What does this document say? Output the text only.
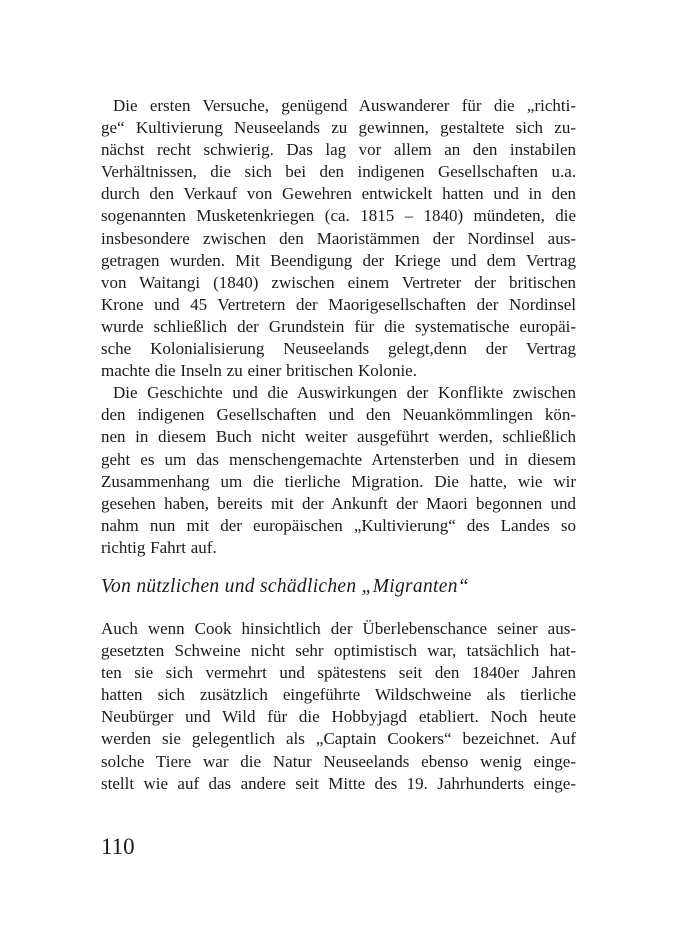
Die ersten Versuche, genügend Auswanderer für die „richti-
ge“ Kultivierung Neuseelands zu gewinnen, gestaltete sich zu-
nächst recht schwierig. Das lag vor allem an den instabilen
Verhältnissen, die sich bei den indigenen Gesellschaften u.a.
durch den Verkauf von Gewehren entwickelt hatten und in den
sogenannten Musketenkriegen (ca. 1815 – 1840) mündeten, die
insbesondere zwischen den Maoristämmen der Nordinsel aus-
getragen wurden. Mit Beendigung der Kriege und dem Vertrag
von Waitangi (1840) zwischen einem Vertreter der britischen
Krone und 45 Vertretern der Maorigesellschaften der Nordinsel
wurde schließlich der Grundstein für die systematische europäi-
sche Kolonialisierung Neuseelands gelegt,denn der Vertrag
machte die Inseln zu einer britischen Kolonie.
Die Geschichte und die Auswirkungen der Konflikte zwischen
den indigenen Gesellschaften und den Neuankömmlingen kön-
nen in diesem Buch nicht weiter ausgeführt werden, schließlich
geht es um das menschengemachte Artensterben und in diesem
Zusammenhang um die tierliche Migration. Die hatte, wie wir
gesehen haben, bereits mit der Ankunft der Maori begonnen und
nahm nun mit der europäischen „Kultivierung“ des Landes so
richtig Fahrt auf.
Von nützlichen und schädlichen „Migranten“
Auch wenn Cook hinsichtlich der Überlebenschance seiner aus-
gesetzten Schweine nicht sehr optimistisch war, tatsächlich hat-
ten sie sich vermehrt und spätestens seit den 1840er Jahren
hatten sich zusätzlich eingeführte Wildschweine als tierliche
Neubürger und Wild für die Hobbyjagd etabliert. Noch heute
werden sie gelegentlich als „Captain Cookers“ bezeichnet. Auf
solche Tiere war die Natur Neuseelands ebenso wenig einge-
stellt wie auf das andere seit Mitte des 19. Jahrhunderts einge-
110
